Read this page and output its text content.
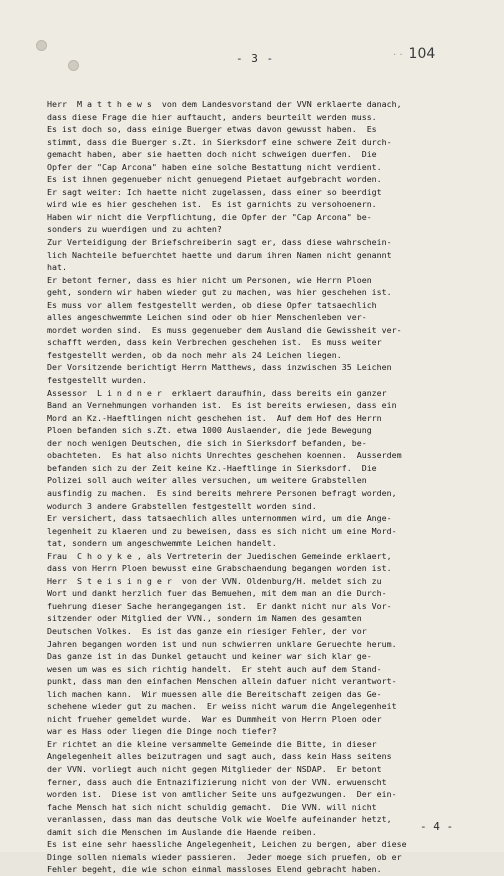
- 3 -	· · 104
Herr  M a t t h e w s  von dem Landesvorstand der VVN erklaerte danach,
dass diese Frage die hier auftaucht, anders beurteilt werden muss.
Es ist doch so, dass einige Buerger etwas davon gewusst haben.  Es
stimmt, dass die Buerger s.Zt. in Sierksdorf eine schwere Zeit durch-
gemacht haben, aber sie haetten doch nicht schweigen duerfen.  Die
Opfer der "Cap Arcona" haben eine solche Bestattung nicht verdient.
Es ist ihnen gegenueber nicht genuegend Pietaet aufgebracht worden.
Er sagt weiter: Ich haette nicht zugelassen, dass einer so beerdigt
wird wie es hier geschehen ist.  Es ist garnichts zu versohoenern.
Haben wir nicht die Verpflichtung, die Opfer der "Cap Arcona" be-
sonders zu wuerdigen und zu achten?
Zur Verteidigung der Briefschreiberin sagt er, dass diese wahrschein-
lich Nachteile befuerchtet haette und darum ihren Namen nicht genannt
hat.
Er betont ferner, dass es hier nicht um Personen, wie Herrn Ploen
geht, sondern wir haben wieder gut zu machen, was hier geschehen ist.
Es muss vor allem festgestellt werden, ob diese Opfer tatsaechlich
alles angeschwemmte Leichen sind oder ob hier Menschenleben ver-
mordet worden sind.  Es muss gegenueber dem Ausland die Gewissheit ver-
schafft werden, dass kein Verbrechen geschehen ist.  Es muss weiter
festgestellt werden, ob da noch mehr als 24 Leichen liegen.
Der Vorsitzende berichtigt Herrn Matthews, dass inzwischen 35 Leichen
festgestellt wurden.
Assessor  L i n d n e r  erklaert daraufhin, dass bereits ein ganzer
Band an Vernehmungen vorhanden ist.  Es ist bereits erwiesen, dass ein
Mord an Kz.-Haeftlingen nicht geschehen ist.  Auf dem Hof des Herrn
Ploen befanden sich s.Zt. etwa 1000 Auslaender, die jede Bewegung
der noch wenigen Deutschen, die sich in Sierksdorf befanden, be-
obachteten.  Es hat also nichts Unrechtes geschehen koennen.  Ausserdem
befanden sich zu der Zeit keine Kz.-Haeftlinge in Sierksdorf.  Die
Polizei soll auch weiter alles versuchen, um weitere Grabstellen
ausfindig zu machen.  Es sind bereits mehrere Personen befragt worden,
wodurch 3 andere Grabstellen festgestellt worden sind.
Er versichert, dass tatsaechlich alles unternommen wird, um die Ange-
legenheit zu klaeren und zu beweisen, dass es sich nicht um eine Mord-
tat, sondern um angeschwemmte Leichen handelt.
Frau  C h o y k e , als Vertreterin der Juedischen Gemeinde erklaert,
dass von Herrn Ploen bewusst eine Grabschaendung begangen worden ist.
Herr  S t e i s i n g e r  von der VVN. Oldenburg/H. meldet sich zu
Wort und dankt herzlich fuer das Bemuehen, mit dem man an die Durch-
fuehrung dieser Sache herangegangen ist.  Er dankt nicht nur als Vor-
sitzender oder Mitglied der VVN., sondern im Namen des gesamten
Deutschen Volkes.  Es ist das ganze ein riesiger Fehler, der vor
Jahren begangen worden ist und nun schwierren unklare Geruechte herum.
Das ganze ist in das Dunkel getaucht und keiner war sich klar ge-
wesen um was es sich richtig handelt.  Er steht auch auf dem Stand-
punkt, dass man den einfachen Menschen allein dafuer nicht verantwort-
lich machen kann.  Wir muessen alle die Bereitschaft zeigen das Ge-
schehene wieder gut zu machen.  Er weiss nicht warum die Angelegenheit
nicht frueher gemeldet wurde.  War es Dummheit von Herrn Ploen oder
war es Hass oder liegen die Dinge noch tiefer?
Er richtet an die kleine versammelte Gemeinde die Bitte, in dieser
Angelegenheit alles beizutragen und sagt auch, dass kein Hass seitens
der VVN. vorliegt auch nicht gegen Mitglieder der NSDAP.  Er betont
ferner, dass auch die Entnazifizierung nicht von der VVN. erwuenscht
worden ist.  Diese ist von amtlicher Seite uns aufgezwungen.  Der ein-
fache Mensch hat sich nicht schuldig gemacht.  Die VVN. will nicht
veranlassen, dass man das deutsche Volk wie Woelfe aufeinander hetzt,
damit sich die Menschen im Auslande die Haende reiben.
Es ist eine sehr haessliche Angelegenheit, Leichen zu bergen, aber diese
Dinge sollen niemals wieder passieren.  Jeder moege sich pruefen, ob er
Fehler begeht, die wie schon einmal massloses Elend gebracht haben.
- 4 -
